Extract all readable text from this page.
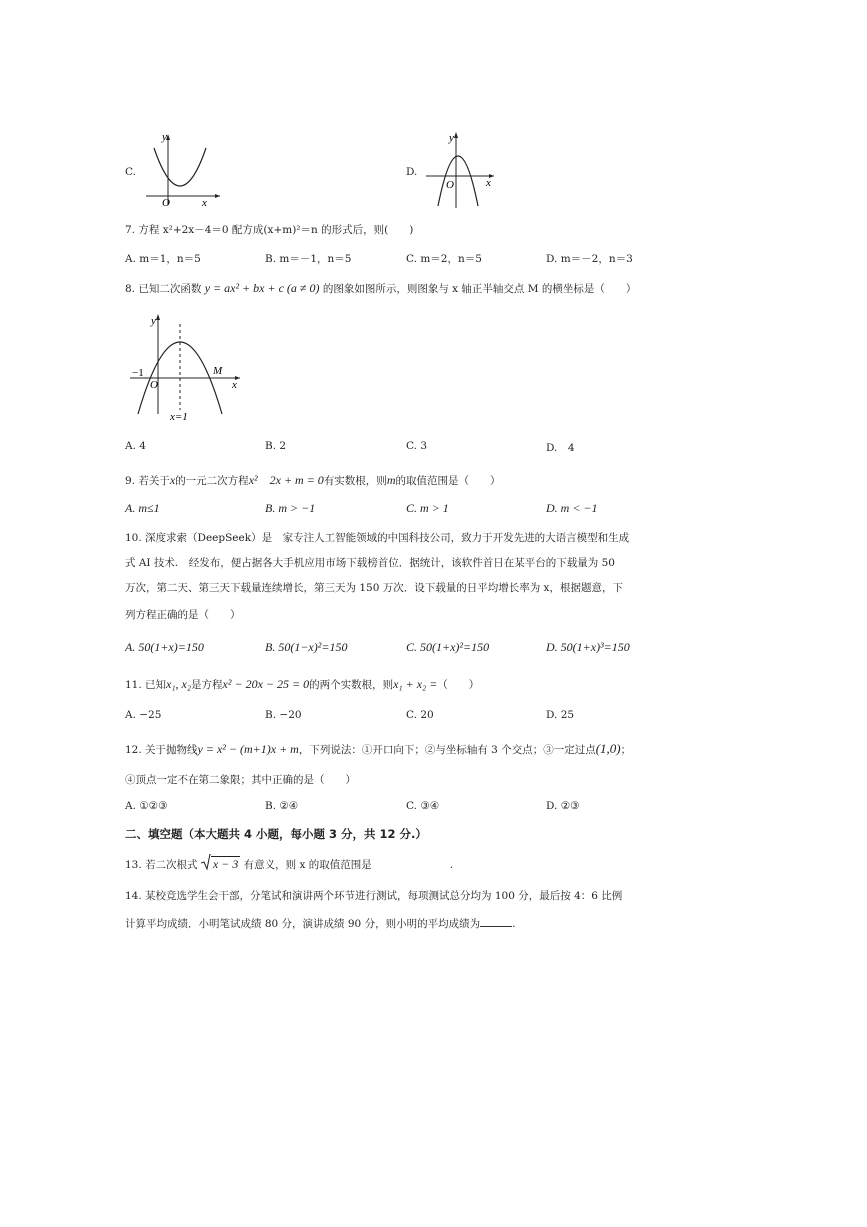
C.
y
O	x
D.
y
O	x
7. 方程 x²+2x－4＝0 配方成(x+m)²＝n 的形式后，则(　　)
A. m＝1，n＝5	B. m＝－1，n＝5	C. m＝2，n＝5	D. m＝－2，n＝3
8. 已知二次函数 y = ax² + bx + c (a ≠ 0) 的图象如图所示，则图象与 x 轴正半轴交点 M 的横坐标是（　　）
y
O
−1	M
x
x=1
A. 4	B. 2	C. 3	D.　4
9. 若关于x的一元二次方程x²　2x + m = 0有实数根，则m的取值范围是（　　）
A. m≤1	B. m > −1	C. m > 1	D. m < −1
10. 深度求索（DeepSeek）是　家专注人工智能领域的中国科技公司，致力于开发先进的大语言模型和生成
式 AI 技术.　经发布，便占据各大手机应用市场下载榜首位．据统计，该软件首日在某平台的下载量为 50
万次，第二天、第三天下载量连续增长，第三天为 150 万次．设下载量的日平均增长率为 x，根据题意，下
列方程正确的是（　　）
A. 50(1+x)=150	B. 50(1−x)²=150	C. 50(1+x)²=150	D. 50(1+x)³=150
11. 已知x₁, x₂是方程x² − 20x − 25 = 0的两个实数根，则x₁ + x₂ =（　　）
A. −25	B. −20	C. 20	D. 25
12. 关于抛物线y = x² − (m+1)x + m，下列说法：①开口向下；②与坐标轴有 3 个交点；③一定过点(1,0)；
④顶点一定不在第二象限；其中正确的是（　　）
A. ①②③	B. ②④	C. ③④	D. ②③
二、填空题（本大题共 4 小题，每小题 3 分，共 12 分.）
13. 若二次根式 x − 3 有意义，则 x 的取值范围是	.
14. 某校竞选学生会干部，分笔试和演讲两个环节进行测试，每项测试总分均为 100 分，最后按 4：6 比例
计算平均成绩．小明笔试成绩 80 分，演讲成绩 90 分，则小明的平均成绩为	.
